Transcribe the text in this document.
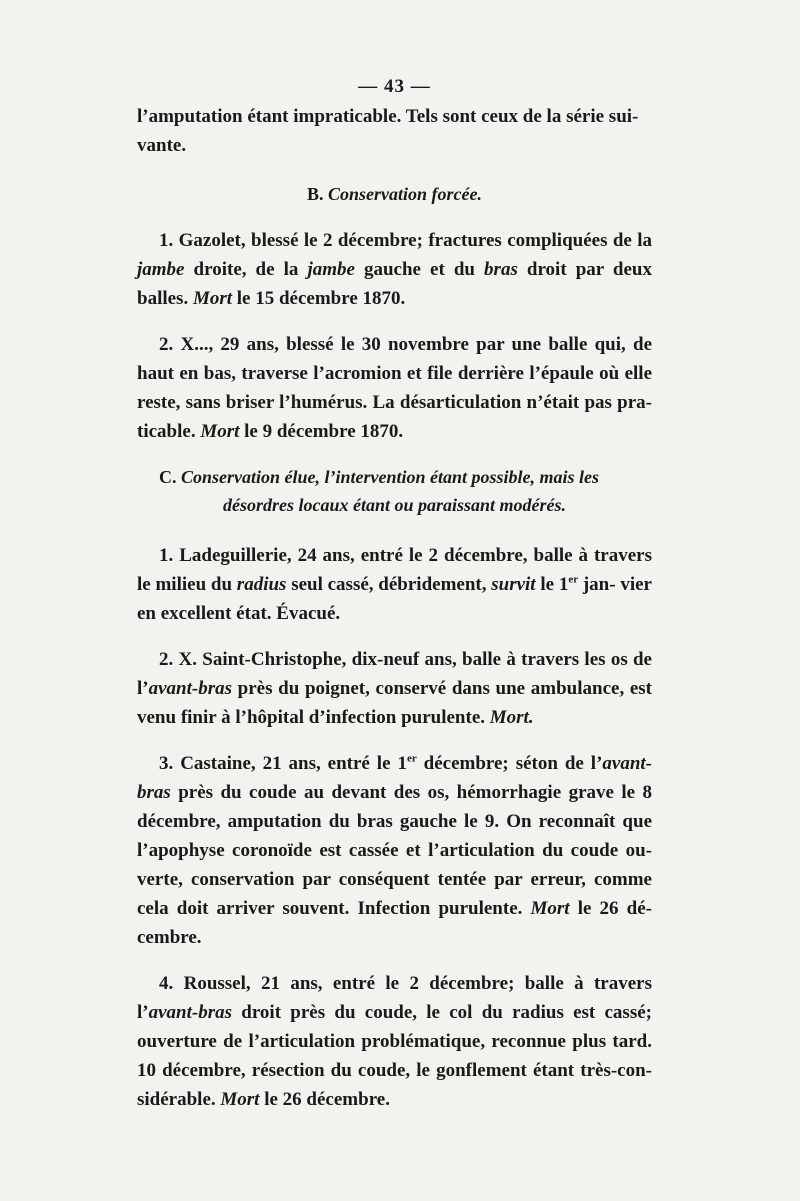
— 43 —

l’amputation étant impraticable. Tels sont ceux de la série sui-
vante.

B. Conservation forcée.

1. Gazolet, blessé le 2 décembre; fractures compliquées de la jambe droite, de la jambe gauche et du bras droit par deux balles. Mort le 15 décembre 1870.

2. X..., 29 ans, blessé le 30 novembre par une balle qui, de haut en bas, traverse l’acromion et file derrière l’épaule où elle reste, sans briser l’humérus. La désarticulation n’était pas pra- ticable. Mort le 9 décembre 1870.

C. Conservation élue, l’intervention étant possible, mais les
désordres locaux étant ou paraissant modérés.

1. Ladeguillerie, 24 ans, entré le 2 décembre, balle à travers le milieu du radius seul cassé, débridement, survit le 1er jan- vier en excellent état. Évacué.

2. X. Saint-Christophe, dix-neuf ans, balle à travers les os de l’avant-bras près du poignet, conservé dans une ambulance, est venu finir à l’hôpital d’infection purulente. Mort.

3. Castaine, 21 ans, entré le 1er décembre; séton de l’avant- bras près du coude au devant des os, hémorrhagie grave le 8 décembre, amputation du bras gauche le 9. On reconnaît que l’apophyse coronoïde est cassée et l’articulation du coude ou- verte, conservation par conséquent tentée par erreur, comme cela doit arriver souvent. Infection purulente. Mort le 26 dé- cembre.

4. Roussel, 21 ans, entré le 2 décembre; balle à travers l’avant-bras droit près du coude, le col du radius est cassé; ouverture de l’articulation problématique, reconnue plus tard. 10 décembre, résection du coude, le gonflement étant très-con- sidérable. Mort le 26 décembre.
